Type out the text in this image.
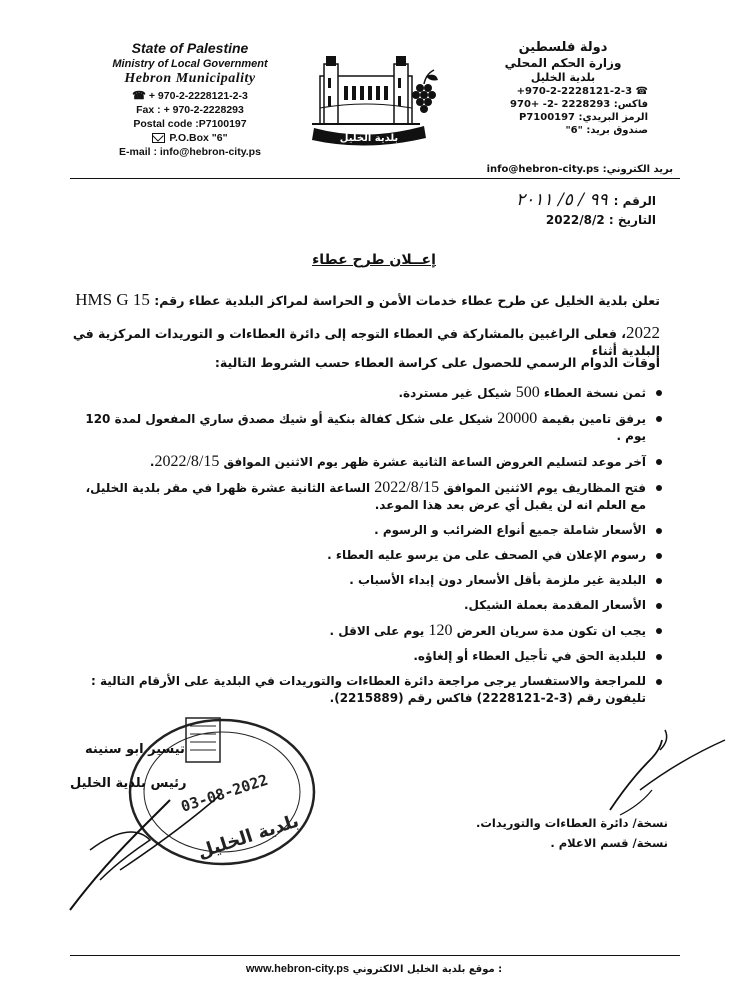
State of Palestine
Ministry of Local Government
Hebron Municipality
☎ + 970-2-2228121-2-3
Fax : + 970-2-2228293
Postal code :P7100197
P.O.Box "6"
E-mail : info@hebron-city.ps
بلدية الخليل
دولة فلسطين
وزارة الحكم المحلي
بلدية الخليل
☎ +970-2-2228121-2-3
فاكس: 2228293 -2- +970
الرمز البريدي: P7100197
صندوق بريد: "6"
بريد الكتروني: info@hebron-city.ps
الرقم :٩٩ / ٥/ ٢٠١١
التاريخ : 2022/8/2
إعــلان طرح عطاء
تعلن بلدية الخليل عن طرح عطاء خدمات الأمن و الحراسة لمراكز البلدية عطاء رقم: HMS G 15
2022، فعلى الراغبين بالمشاركة في العطاء التوجه إلى دائرة العطاءات و التوريدات المركزية في البلدية أثناء
أوقات الدوام الرسمي للحصول على كراسة العطاء حسب الشروط التالية:
ثمن نسخة العطاء 500 شيكل غير مستردة.
يرفق تامين بقيمة 20000 شيكل على شكل كفالة بنكية أو شيك مصدق ساري المفعول لمدة 120 يوم .
آخر موعد لتسليم العروض الساعة الثانية عشرة ظهر يوم الاثنين الموافق 2022/8/15.
فتح المظاريف يوم الاثنين الموافق 2022/8/15 الساعة الثانية عشرة ظهرا في مقر بلدية الخليل، مع العلم انه لن يقبل أي عرض بعد هذا الموعد.
الأسعار شاملة جميع أنواع الضرائب و الرسوم .
رسوم الإعلان في الصحف على من يرسو عليه العطاء .
البلدية غير ملزمة بأقل الأسعار دون إبداء الأسباب .
الأسعار المقدمة بعملة الشيكل.
يجب ان تكون مدة سريان العرض 120 يوم على الاقل .
للبلدية الحق في تأجيل العطاء أو إلغاؤه.
للمراجعة والاستفسار يرجى مراجعة دائرة العطاءات والتوريدات في البلدية على الأرقام التالية : تليفون رقم (3-2-2228121) فاكس رقم (2215889).
03-08-2022
بلدية الخليل
تيسير ابو سنينه
رئيس بلدية الخليل
نسخة/ دائرة العطاءات والتوريدات.
نسخة/ قسم الاعلام .
www.hebron-city.ps : موقع بلدية الخليل الالكتروني
